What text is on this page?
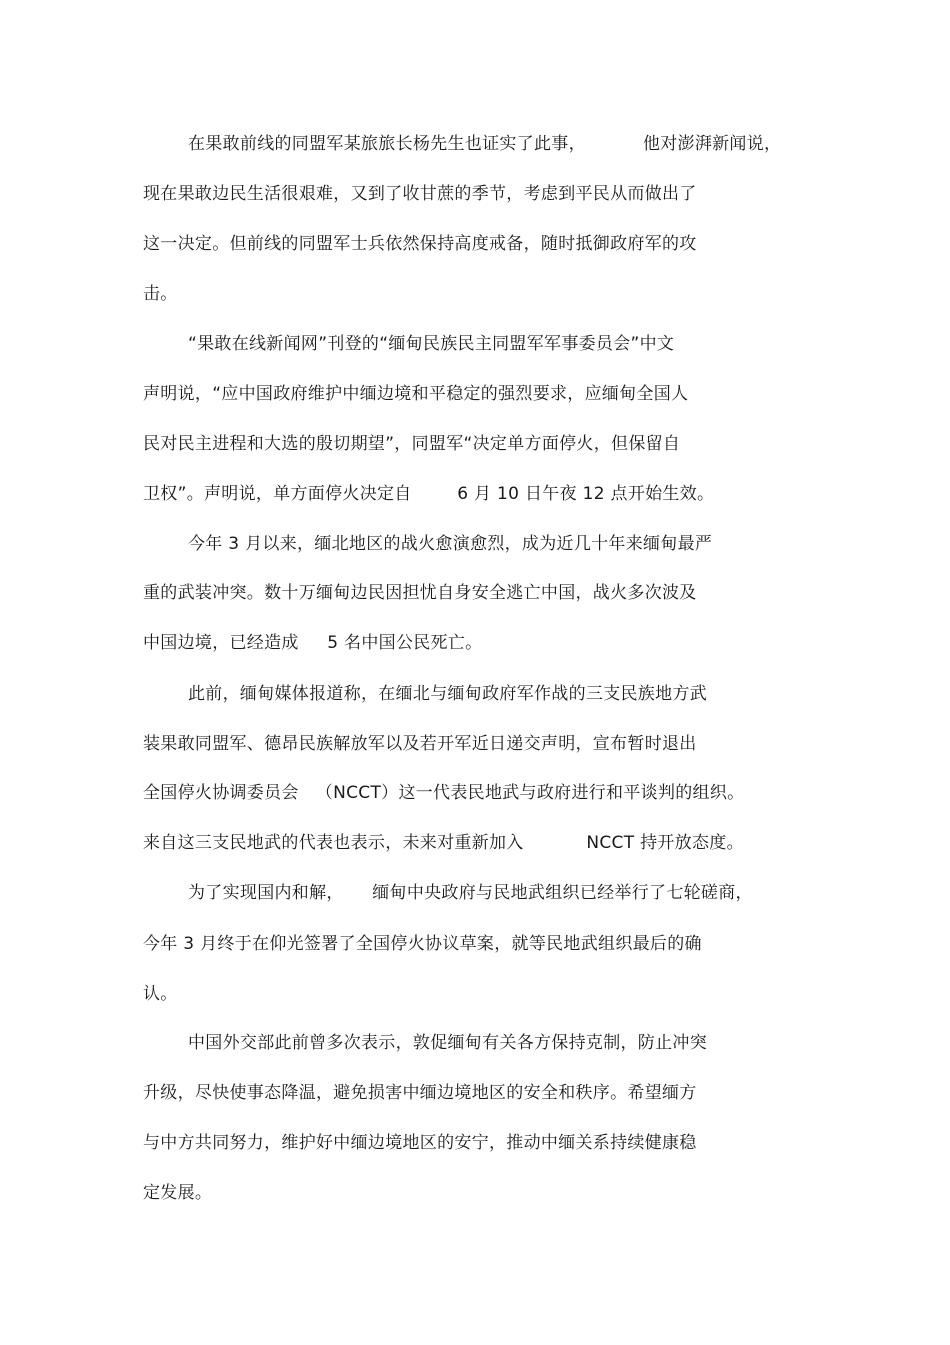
在果敢前线的同盟军某旅旅长杨先生也证实了此事，          他对澎湃新闻说，
现在果敢边民生活很艰难，又到了收甘蔗的季节，考虑到平民从而做出了
这一决定。但前线的同盟军士兵依然保持高度戒备，随时抵御政府军的攻
击。
“果敢在线新闻网”刊登的“缅甸民族民主同盟军军事委员会”中文
声明说，“应中国政府维护中缅边境和平稳定的强烈要求，应缅甸全国人
民对民主进程和大选的殷切期望”，同盟军“决定单方面停火，但保留自
卫权”。声明说，单方面停火决定自        6 月 10 日午夜 12 点开始生效。
今年 3 月以来，缅北地区的战火愈演愈烈，成为近几十年来缅甸最严
重的武装冲突。数十万缅甸边民因担忧自身安全逃亡中国，战火多次波及
中国边境，已经造成     5 名中国公民死亡。
此前，缅甸媒体报道称，在缅北与缅甸政府军作战的三支民族地方武
装果敢同盟军、德昂民族解放军以及若开军近日递交声明，宣布暂时退出
全国停火协调委员会   （NCCT）这一代表民地武与政府进行和平谈判的组织。
来自这三支民地武的代表也表示，未来对重新加入           NCCT 持开放态度。
为了实现国内和解，     缅甸中央政府与民地武组织已经举行了七轮磋商，
今年 3 月终于在仰光签署了全国停火协议草案，就等民地武组织最后的确
认。
中国外交部此前曾多次表示，敦促缅甸有关各方保持克制，防止冲突
升级，尽快使事态降温，避免损害中缅边境地区的安全和秩序。希望缅方
与中方共同努力，维护好中缅边境地区的安宁，推动中缅关系持续健康稳
定发展。
